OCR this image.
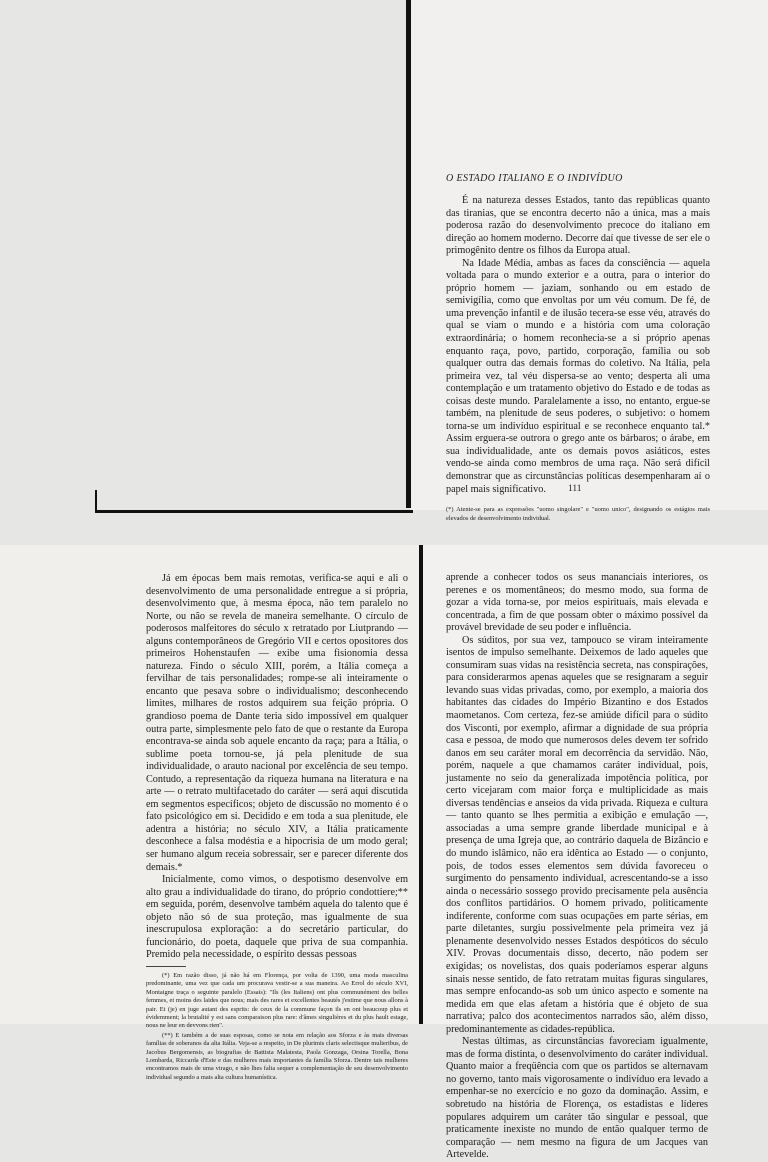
O ESTADO ITALIANO E O INDIVÍDUO

É na natureza desses Estados, tanto das repúblicas quanto das tiranias, que se encontra decerto não a única, mas a mais poderosa razão do desenvolvimento precoce do italiano em direção ao homem moderno. Decorre daí que tivesse de ser ele o primogênito dentre os filhos da Europa atual.

Na Idade Média, ambas as faces da consciência — aquela voltada para o mundo exterior e a outra, para o interior do próprio homem — jaziam, sonhando ou em estado de semivigília, como que envoltas por um véu comum. De fé, de uma prevenção infantil e de ilusão tecera-se esse véu, através do qual se viam o mundo e a história com uma coloração extraordinária; o homem reconhecia-se a si próprio apenas enquanto raça, povo, partido, corporação, família ou sob qualquer outra das demais formas do coletivo. Na Itália, pela primeira vez, tal véu dispersa-se ao vento; desperta ali uma contemplação e um tratamento objetivo do Estado e de todas as coisas deste mundo. Paralelamente a isso, no entanto, ergue-se também, na plenitude de seus poderes, o subjetivo: o homem torna-se um indivíduo espiritual e se reconhece enquanto tal.* Assim erguera-se outrora o grego ante os bárbaros; o árabe, em sua individualidade, ante os demais povos asiáticos, estes vendo-se ainda como membros de uma raça. Não será difícil demonstrar que as circunstâncias políticas desempenharam aí o papel mais significativo.

(*) Atente-se para as expressões "uomo singolare" e "uomo unico", designando os estágios mais elevados de desenvolvimento individual.
111

Já em épocas bem mais remotas, verifica-se aqui e ali o desenvolvimento de uma personalidade entregue a si própria, desenvolvimento que, à mesma época, não tem paralelo no Norte, ou não se revela de maneira semelhante. O círculo de poderosos malfeitores do século x retratado por Liutprando — alguns contemporâneos de Gregório VII e certos opositores dos primeiros Hohenstaufen — exibe uma fisionomia dessa natureza. Findo o século XIII, porém, a Itália começa a fervilhar de tais personalidades; rompe-se ali inteiramente o encanto que pesava sobre o individualismo; desconhecendo limites, milhares de rostos adquirem sua feição própria. O grandioso poema de Dante teria sido impossível em qualquer outra parte, simplesmente pelo fato de que o restante da Europa encontrava-se ainda sob aquele encanto da raça; para a Itália, o sublime poeta tornou-se, já pela plenitude de sua individualidade, o arauto nacional por excelência de seu tempo. Contudo, a representação da riqueza humana na literatura e na arte — o retrato multifacetado do caráter — será aqui discutida em segmentos específicos; objeto de discussão no momento é o fato psicológico em si. Decidido e em toda a sua plenitude, ele adentra a história; no século XIV, a Itália praticamente desconhece a falsa modéstia e a hipocrisia de um modo geral; ser humano algum receia sobressair, ser e parecer diferente dos demais.*

Inicialmente, como vimos, o despotismo desenvolve em alto grau a individualidade do tirano, do próprio condottiere;** em seguida, porém, desenvolve também aquela do talento que é objeto não só de sua proteção, mas igualmente de sua inescrupulosa exploração: a do secretário particular, do funcionário, do poeta, daquele que priva de sua companhia. Premido pela necessidade, o espírito dessas pessoas

(*) Em razão disso, já não há em Florença, por volta de 1390, uma moda masculina predominante, uma vez que cada um procurava vestir-se a sua maneira. Ao Errol do século XVI, Montaigne traça o seguinte paralelo (Essais): "Ils (les Italiens) ont plus communément des belles femmes, et moins des laides que nous; mais des rares et excellentes beautés j'estime que nous allons à pair. Et (je) en juge autant des esprits: de ceux de la commune façon ils en ont beaucoup plus et évidemment; la brutalité y est sans comparaison plus rare: d'âmes singulières et du plus hault estage, nous ne leur en devvons rien".

(**) E também a de suas esposas, como se nota em relação aos Sforza e às mais diversas famílias de soberanos da alta Itália. Veja-se a respeito, in De plurimis claris selectisque mulieribus, de Jacobus Bergomensis, as biografias de Battista Malatesta, Paola Gonzaga, Orsina Torella, Bona Lombarda, Riccarda d'Este e das mulheres mais importantes da família Sforza. Dentre tais mulheres encontramos mais de uma virago, e não lhes falta sequer a complementação de seu desenvolvimento individual segundo a mais alta cultura humanística.

aprende a conhecer todos os seus mananciais interiores, os perenes e os momentâneos; do mesmo modo, sua forma de gozar a vida torna-se, por meios espirituais, mais elevada e concentrada, a fim de que possam obter o máximo possível da provável brevidade de seu poder e influência.

Os súditos, por sua vez, tampouco se viram inteiramente isentos de impulso semelhante. Deixemos de lado aqueles que consumiram suas vidas na resistência secreta, nas conspirações, para considerarmos apenas aqueles que se resignaram a seguir levando suas vidas privadas, como, por exemplo, a maioria dos habitantes das cidades do Império Bizantino e dos Estados maometanos. Com certeza, fez-se amiúde difícil para o súdito dos Visconti, por exemplo, afirmar a dignidade de sua própria casa e pessoa, de modo que numerosos deles devem ter sofrido danos em seu caráter moral em decorrência da servidão. Não, porém, naquele a que chamamos caráter individual, pois, justamente no seio da generalizada impotência política, por certo vicejaram com maior força e multiplicidade as mais diversas tendências e anseios da vida privada. Riqueza e cultura — tanto quanto se lhes permitia a exibição e emulação —, associadas a uma sempre grande liberdade municipal e à presença de uma Igreja que, ao contrário daquela de Bizâncio e do mundo islâmico, não era idêntica ao Estado — o conjunto, pois, de todos esses elementos sem dúvida favoreceu o surgimento do pensamento individual, acrescentando-se a isso ainda o necessário sossego provido precisamente pela ausência dos conflitos partidários. O homem privado, politicamente indiferente, conforme com suas ocupações em parte sérias, em parte diletantes, surgiu possivelmente pela primeira vez já plenamente desenvolvido nesses Estados despóticos do século XIV. Provas documentais disso, decerto, não podem ser exigidas; os novelistas, dos quais poderíamos esperar alguns sinais nesse sentido, de fato retratam muitas figuras singulares, mas sempre enfocando-as sob um único aspecto e somente na medida em que elas afetam a história que é objeto de sua narrativa; palco dos acontecimentos narrados são, além disso, predominantemente as cidades-república.

Nestas últimas, as circunstâncias favoreciam igualmente, mas de forma distinta, o desenvolvimento do caráter individual. Quanto maior a freqüência com que os partidos se alternavam no governo, tanto mais vigorosamente o indivíduo era levado a empenhar-se no exercício e no gozo da dominação. Assim, e sobretudo na história de Florença, os estadistas e líderes populares adquirem um caráter tão singular e pessoal, que praticamente inexiste no mundo de então qualquer termo de comparação — nem mesmo na figura de um Jacques van Artevelde.
